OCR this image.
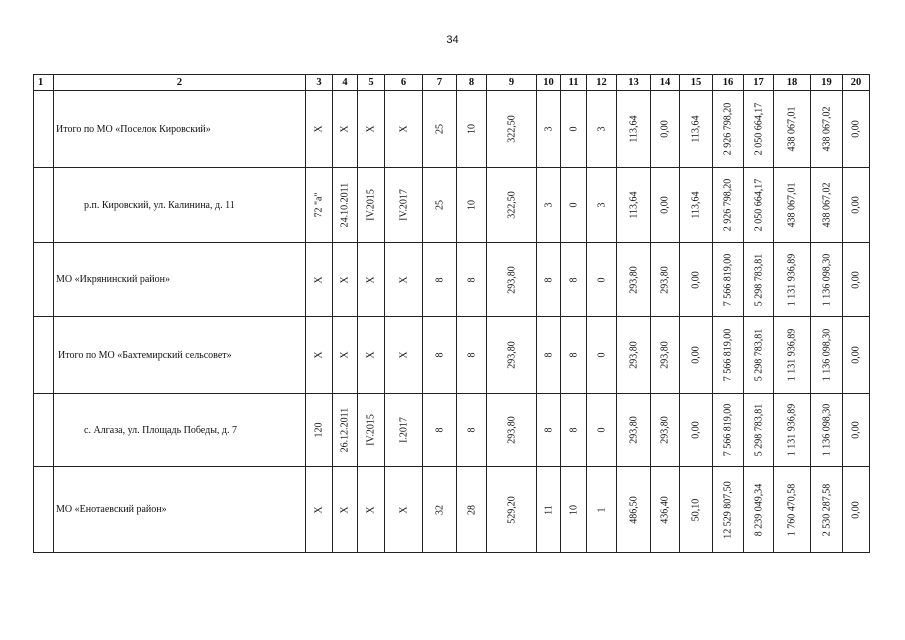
34
1	2	3	4	5	6	7	8	9	10	11	12	13	14	15	16	17	18	19	20
	Итого по МО «Поселок Кировский»	X	X	X	X	25	10	322,50	3	0	3	113,64	0,00	113,64	2 926 798,20	2 050 664,17	438 067,01	438 067,02	0,00

	р.п. Кировский, ул. Калинина, д. 11	72 "а"	24.10.2011	IV.2015	IV.2017	25	10	322,50	3	0	3	113,64	0,00	113,64	2 926 798,20	2 050 664,17	438 067,01	438 067,02	0,00

	МО «Икрянинский район»	X	X	X	X	8	8	293,80	8	8	0	293,80	293,80	0,00	7 566 819,00	5 298 783,81	1 131 936,89	1 136 098,30	0,00

	Итого по МО «Бахтемирский сельсовет»	X	X	X	X	8	8	293,80	8	8	0	293,80	293,80	0,00	7 566 819,00	5 298 783,81	1 131 936,89	1 136 098,30	0,00

	с. Алгаза, ул. Площадь Победы, д. 7	120	26.12.2011	IV.2015	I.2017	8	8	293,80	8	8	0	293,80	293,80	0,00	7 566 819,00	5 298 783,81	1 131 936,89	1 136 098,30	0,00

	МО «Енотаевский район»	X	X	X	X	32	28	529,20	11	10	1	486,50	436,40	50,10	12 529 807,50	8 239 049,34	1 760 470,58	2 530 287,58	0,00
